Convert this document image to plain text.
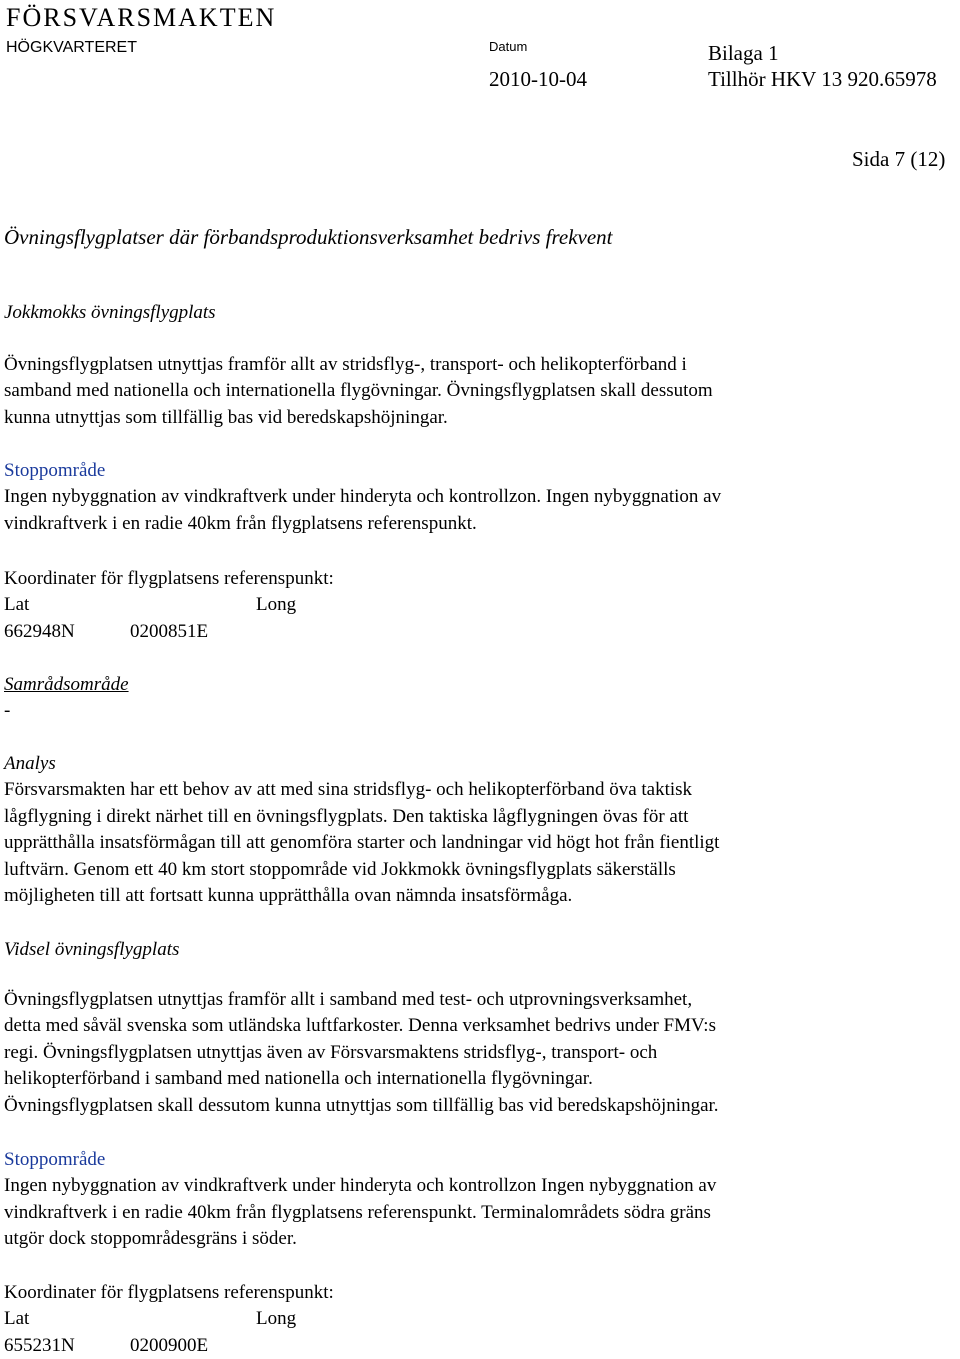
FÖRSVARSMAKTEN
HÖGKVARTERET	Datum
2010-10-04
Bilaga 1
Tillhör HKV 13 920.65978
Sida 7 (12)

Övningsflygplatser där förbandsproduktionsverksamhet bedrivs frekvent

Jokkmokks övningsflygplats

Övningsflygplatsen utnyttjas framför allt av stridsflyg-, transport- och helikopterförband i

samband med nationella och internationella flygövningar. Övningsflygplatsen skall dessutom

kunna utnyttjas som tillfällig bas vid beredskapshöjningar.

Stoppområde

Ingen nybyggnation av vindkraftverk under hinderyta och kontrollzon. Ingen nybyggnation av

vindkraftverk i en radie 40km från flygplatsens referenspunkt.

Koordinater för flygplatsens referenspunkt:

Lat	Long

662948N	0200851E

Samrådsområde

-

Analys

Försvarsmakten har ett behov av att med sina stridsflyg- och helikopterförband öva taktisk

lågflygning i direkt närhet till en övningsflygplats. Den taktiska lågflygningen övas för att

upprätthålla insatsförmågan till att genomföra starter och landningar vid högt hot från fientligt

luftvärn. Genom ett 40 km stort stoppområde vid Jokkmokk övningsflygplats säkerställs

möjligheten till att fortsatt kunna upprätthålla ovan nämnda insatsförmåga.

Vidsel övningsflygplats

Övningsflygplatsen utnyttjas framför allt i samband med test- och utprovningsverksamhet,

detta med såväl svenska som utländska luftfarkoster. Denna verksamhet bedrivs under FMV:s

regi. Övningsflygplatsen utnyttjas även av Försvarsmaktens stridsflyg-, transport- och

helikopterförband i samband med nationella och internationella flygövningar.

Övningsflygplatsen skall dessutom kunna utnyttjas som tillfällig bas vid beredskapshöjningar.

Stoppområde

Ingen nybyggnation av vindkraftverk under hinderyta och kontrollzon Ingen nybyggnation av

vindkraftverk i en radie 40km från flygplatsens referenspunkt. Terminalområdets södra gräns

utgör dock stoppområdesgräns i söder.

Koordinater för flygplatsens referenspunkt:

Lat	Long

655231N	0200900E
